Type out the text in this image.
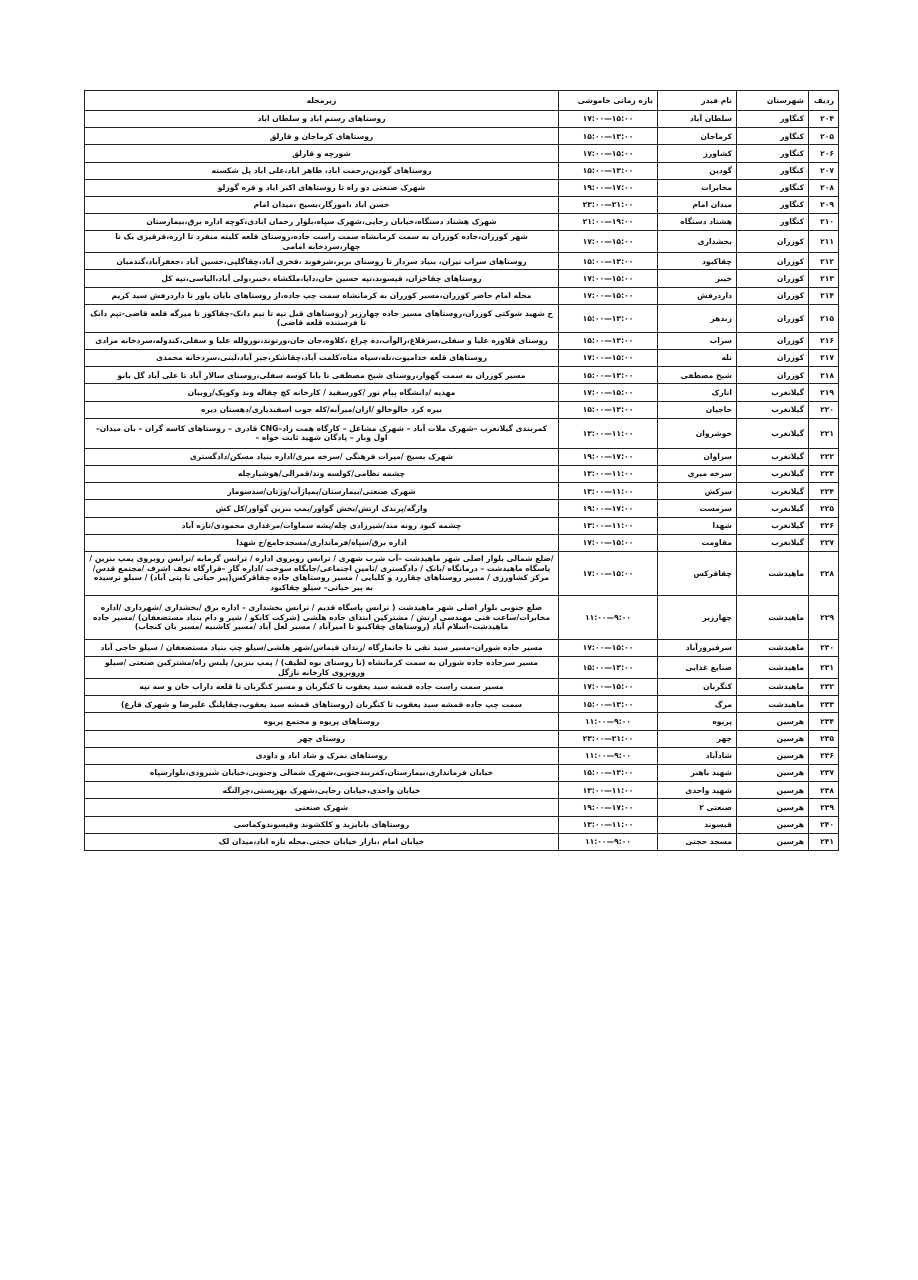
ردیف	شهرستان	نام فیدر	بازه زمانی خاموشی	زیرمحله
۲۰۴	کنگاور	سلطان آباد	۱۷:۰۰—۱۵:۰۰	روستاهای رستم اباد و سلطان اباد
۲۰۵	کنگاور	کرماجان	۱۵:۰۰—۱۳:۰۰	روستاهای کرماجان و قارلق
۲۰۶	کنگاور	کشاورز	۱۷:۰۰—۱۵:۰۰	شورچه و قارلق
۲۰۷	کنگاور	گودین	۱۵:۰۰—۱۳:۰۰	روستاهای گودین،رحمت اباد، طاهر اباد،علی اباد پل شکسته
۲۰۸	کنگاور	مخابرات	۱۹:۰۰—۱۷:۰۰	شهرک صنعتی دو راه تا روستاهای اکبر اباد و قره گوزلو
۲۰۹	کنگاور	میدان امام	۲۳:۰۰—۲۱:۰۰	حسن اباد ،اموزگار،بسیج ،میدان امام
۲۱۰	کنگاور	هشتاد دستگاه	۲۱:۰۰—۱۹:۰۰	شهرک هشتاد دستگاه،خیابان رجایی،شهرک سپاه،بلوار رحمان ابادی،کوچه اداره برق،بیمارستان
۲۱۱	کوزران	بخشداری	۱۷:۰۰—۱۵:۰۰	شهر کوزران،جاده کوزران به سمت کرمانشاه سمت راست جاده،روستای قلعه کلیته منفرد تا ازره،قرقیزی یک تا چهار،سردخانه امامی
۲۱۲	کوزران	چقاکبود	۱۵:۰۰—۱۳:۰۰	روستاهای سراب نیران، بنیاد سردار تا روستای بربر،شرفوند ،فخری آباد،چقاگلپی،حسین آباد ،جعفرآباد،گندمبان
۲۱۳	کوزران	خیبر	۱۷:۰۰—۱۵:۰۰	روستاهای چقاخزان، قیسوند،تپه حسین خان،دایا،ملکشاه ،خیبر،ولی آباد،الیاسی،تپه کل
۲۱۴	کوزران	داردرفش	۱۷:۰۰—۱۵:۰۰	محله امام حاضر کوزران،مسیر کوزران به کرمانشاه سمت چپ جاده،از روستاهای بابان یاور تا داردرفش سید کریم
۲۱۵	کوزران	زندهر	۱۵:۰۰—۱۳:۰۰	خ شهید شوکتی کوزران،روستاهای مسیر جاده چهارزبر (روستاهای قبل تپه تا تیم دانک-چقاکوز تا میرگه قلعه قاضی-تپم دانک تا فرستنده قلعه قاضی)
۲۱۶	کوزران	سراب	۱۵:۰۰—۱۳:۰۰	روستای قلاوره علیا و سفلی،سرقلاغ،زالوآب،ده چراغ ،کلاوه،جان جان،ورتوند،نورولله علیا و سفلی،کندوله،سردخانه مرادی
۲۱۷	کوزران	تله	۱۷:۰۰—۱۵:۰۰	روستاهای قلعه خدامیوت،تله،سیاه مناه،کلمت آباد،چقاشکر،جبر آباد،لبنی،سردخانه محمدی
۲۱۸	کوزران	شیخ مصطفی	۱۵:۰۰—۱۳:۰۰	مسیر کوزران به سمت گهوار،روستای شیخ مصطفی تا بابا کوسه سفلی،روستای سالار آباد تا علی آباد گل بانو
۲۱۹	گیلانغرب	انارک	۱۷:۰۰—۱۵:۰۰	مهدیه /دانشگاه پیام نور /کورسفید / کارخانه کچ چقاله وند وکوپک/روبیان
۲۲۰	گیلانغرب	حاجیان	۱۵:۰۰—۱۳:۰۰	بیره کرد خالوخالو /ازان/میرآبه/کله جوب اسفندیاری/دهستان دیره
۲۲۱	گیلانغرب	خوشروان	۱۳:۰۰—۱۱:۰۰	کمربندی گیلانغرب –شهرک ملات آباد – شهرک مشاغل – کارگاه همت زاد–CNG قادری – روستاهای کاسه گران – بان میدان– اول وبار – پادگان شهید ثابت خواه –
۲۲۲	گیلانغرب	سراوان	۱۹:۰۰—۱۷:۰۰	شهرک بسیج /میرات فرهنگی /سرخه میری/اداره بنیاد مسکن/دادگستری
۲۲۳	گیلانغرب	سرخه میری	۱۳:۰۰—۱۱:۰۰	چشمه نظامی/کولسه وند/قمرالی/هوشیارچله
۲۲۴	گیلانغرب	سرکش	۱۳:۰۰—۱۱:۰۰	شهرک صنعتی/بیمارستان/پمپاژآب/وژتان/سدسومار
۲۲۵	گیلانغرب	سرمست	۱۹:۰۰—۱۷:۰۰	وارگه/پرندک ارتش/بخش گواور/پمپ بنزین گواور/کل کش
۲۲۶	گیلانغرب	شهدا	۱۳:۰۰—۱۱:۰۰	چشمه کبود رونه مند/شیرزادی چله/پشه سماوات/مرغداری محمودی/تازه آباد
۲۲۷	گیلانغرب	مقاومت	۱۷:۰۰—۱۵:۰۰	اداره برق/سپاه/فرمانداری/مسجدجامع/خ شهدا
۲۲۸	ماهیدشت	چقاقرکس	۱۷:۰۰—۱۵:۰۰	/ضلع شمالی بلوار اصلی شهر ماهیدشت –آب شرب شهری / ترانس روبروی اداره / ترانس گرمابه /ترانس روبروی پمپ بنزین /پاسگاه ماهیدشت – درمانگاه /بانک / دادگستری /تامین اجتماعی/جایگاه سوخت /اداره گاز –قرارگاه نجف اشرف /مجتمع قدس/مرکز کشاورزی / مسیر روستاهای چقازرد و کلیایی / مسیر روستاهای جاده چقاقرکس(پیر حیاتی تا پتی آباد) / سیلو نرسیده به پیر حیاتی– سیلو چقاکبود
۲۲۹	ماهیدشت	چهارزبر	۱۱:۰۰—۹:۰۰	ضلع جنوبی بلوار اصلی شهر ماهیدشت ( ترانس پاسگاه قدیم / ترانس بخشداری – اداره برق /بخشداری /شهرداری /اداره مخابرات/ساعت فنی مهندسی ارتش / مشترکین ابتدای جاده هلشی (شرکت کابکو / شیر و دام بنیاد مستضعفان) /مسیر جاده ماهیدشت–اسلام آباد (روستاهای چقاکبنو تا امیرآباد / مسیر لعل آباد /مسیر کاشنیه /مسیر بان کنجاب)
۲۳۰	ماهیدشت	سرفیروزآباد	۱۷:۰۰—۱۵:۰۰	مسیر جاده شوران–مسیر سید نقی تا جانمارگاه /زندان قیماس/شهر هلشی/سیلو چپ بنیاد مستضعفان / سیلو حاجی آباد
۲۳۱	ماهیدشت	صنایع غذایی	۱۵:۰۰—۱۳:۰۰	مسیر سرجاده جاده شوران به سمت کرمانشاه (تا روستای نوه لطیف) / پمپ بنزین/ پلیس راه/مشترکین صنعتی /سیلو وروبروی کارخانه نازگل
۲۳۲	ماهیدشت	کنگربان	۱۷:۰۰—۱۵:۰۰	مسیر سمت راست جاده قمشه سید یعقوب تا کنگربان و مسیر کنگربان تا قلعه داراب خان و سه تپه
۲۳۳	ماهیدشت	مرگ	۱۵:۰۰—۱۳:۰۰	سمت چپ جاده قمشه سید یعقوب تا کنگربان (روستاهای قمشه سید یعقوب،چقاپلنگ علیرضا و شهرک فارغ)
۲۳۴	هرسین	پریوه	۱۱:۰۰—۹:۰۰	روستاهای پریوه و مجتمع پریوه
۲۳۵	هرسین	چهر	۲۳:۰۰—۲۱:۰۰	روستای چهر
۲۳۶	هرسین	شادآباد	۱۱:۰۰—۹:۰۰	روستاهای نمرک و شاد اباد و داودی
۲۳۷	هرسین	شهید باهنر	۱۵:۰۰—۱۳:۰۰	خیابان فرمانداری،بیمارستان،کمربندجنوبی،شهرک شمالی وجنوبی،خیابان شیرودی،بلوارسپاه
۲۳۸	هرسین	شهید واحدی	۱۳:۰۰—۱۱:۰۰	خیابان واحدی،خیابان رجایی،شهرک بهزیستی،چرالنگه
۲۳۹	هرسین	صنعتی ۲	۱۹:۰۰—۱۷:۰۰	شهرک صنعتی
۲۴۰	هرسین	قیسوند	۱۳:۰۰—۱۱:۰۰	روستاهای بابایزید و کلکشوند وقیسوندوکماسی
۲۴۱	هرسین	مسجد حجتی	۱۱:۰۰—۹:۰۰	خیابان امام ،بازار خیابان حجتی.محله تازه اباد،میدان لک
